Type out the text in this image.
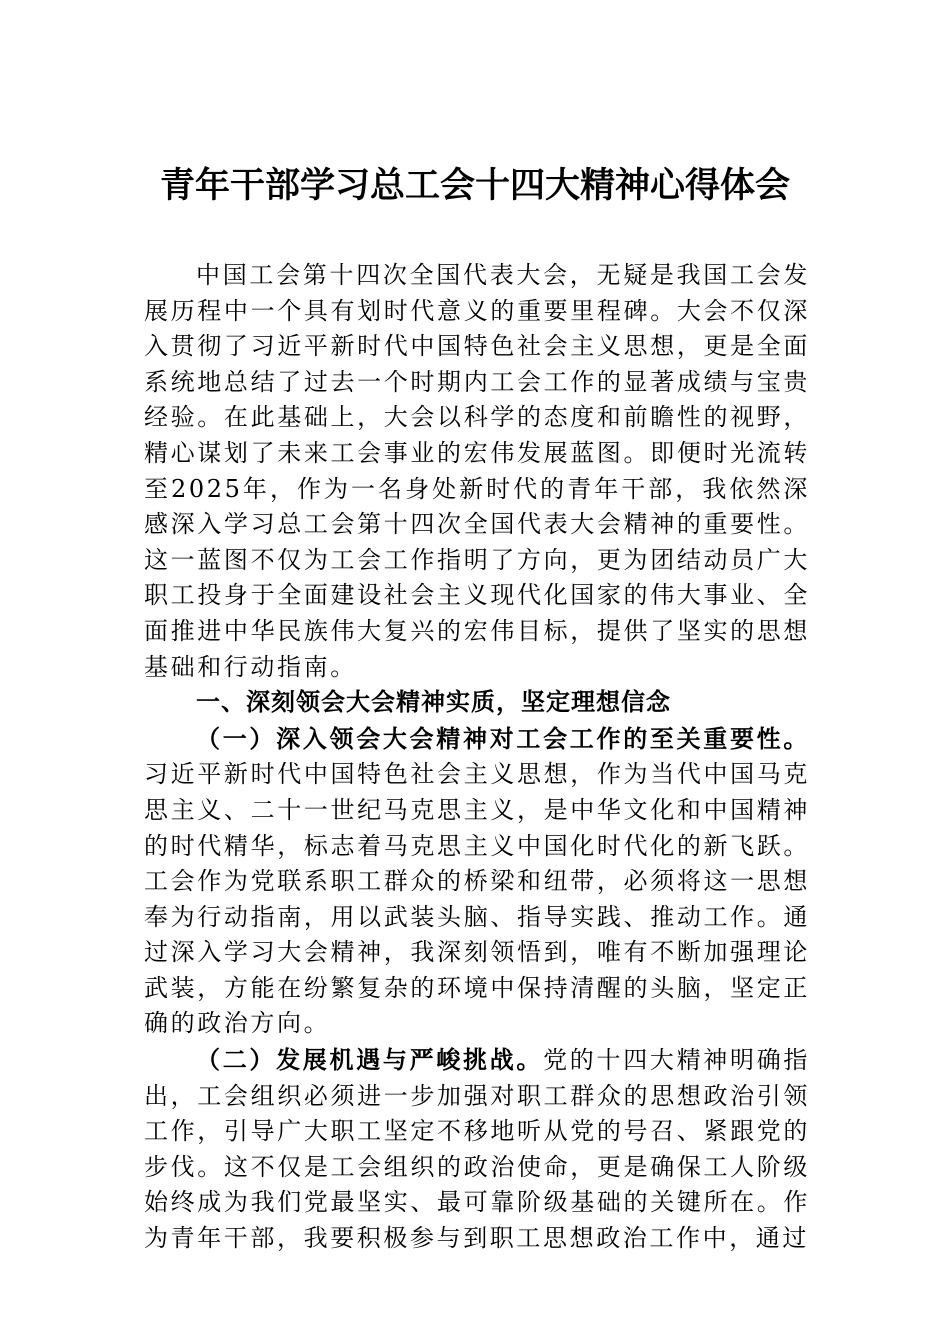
青年干部学习总工会十四大精神心得体会

中国工会第十四次全国代表大会，无疑是我国工会发展历程中一个具有划时代意义的重要里程碑。大会不仅深入贯彻了习近平新时代中国特色社会主义思想，更是全面系统地总结了过去一个时期内工会工作的显著成绩与宝贵经验。在此基础上，大会以科学的态度和前瞻性的视野，精心谋划了未来工会事业的宏伟发展蓝图。即便时光流转至2025年，作为一名身处新时代的青年干部，我依然深感深入学习总工会第十四次全国代表大会精神的重要性。这一蓝图不仅为工会工作指明了方向，更为团结动员广大职工投身于全面建设社会主义现代化国家的伟大事业、全面推进中华民族伟大复兴的宏伟目标，提供了坚实的思想基础和行动指南。

一、深刻领会大会精神实质，坚定理想信念

（一）深入领会大会精神对工会工作的至关重要性。习近平新时代中国特色社会主义思想，作为当代中国马克思主义、二十一世纪马克思主义，是中华文化和中国精神的时代精华，标志着马克思主义中国化时代化的新飞跃。工会作为党联系职工群众的桥梁和纽带，必须将这一思想奉为行动指南，用以武装头脑、指导实践、推动工作。通过深入学习大会精神，我深刻领悟到，唯有不断加强理论武装，方能在纷繁复杂的环境中保持清醒的头脑，坚定正确的政治方向。

（二）发展机遇与严峻挑战。党的十四大精神明确指出，工会组织必须进一步加强对职工群众的思想政治引领工作，引导广大职工坚定不移地听从党的号召、紧跟党的步伐。这不仅是工会组织的政治使命，更是确保工人阶级始终成为我们党最坚实、最可靠阶级基础的关键所在。作为青年干部，我要积极参与到职工思想政治工作中，通过
